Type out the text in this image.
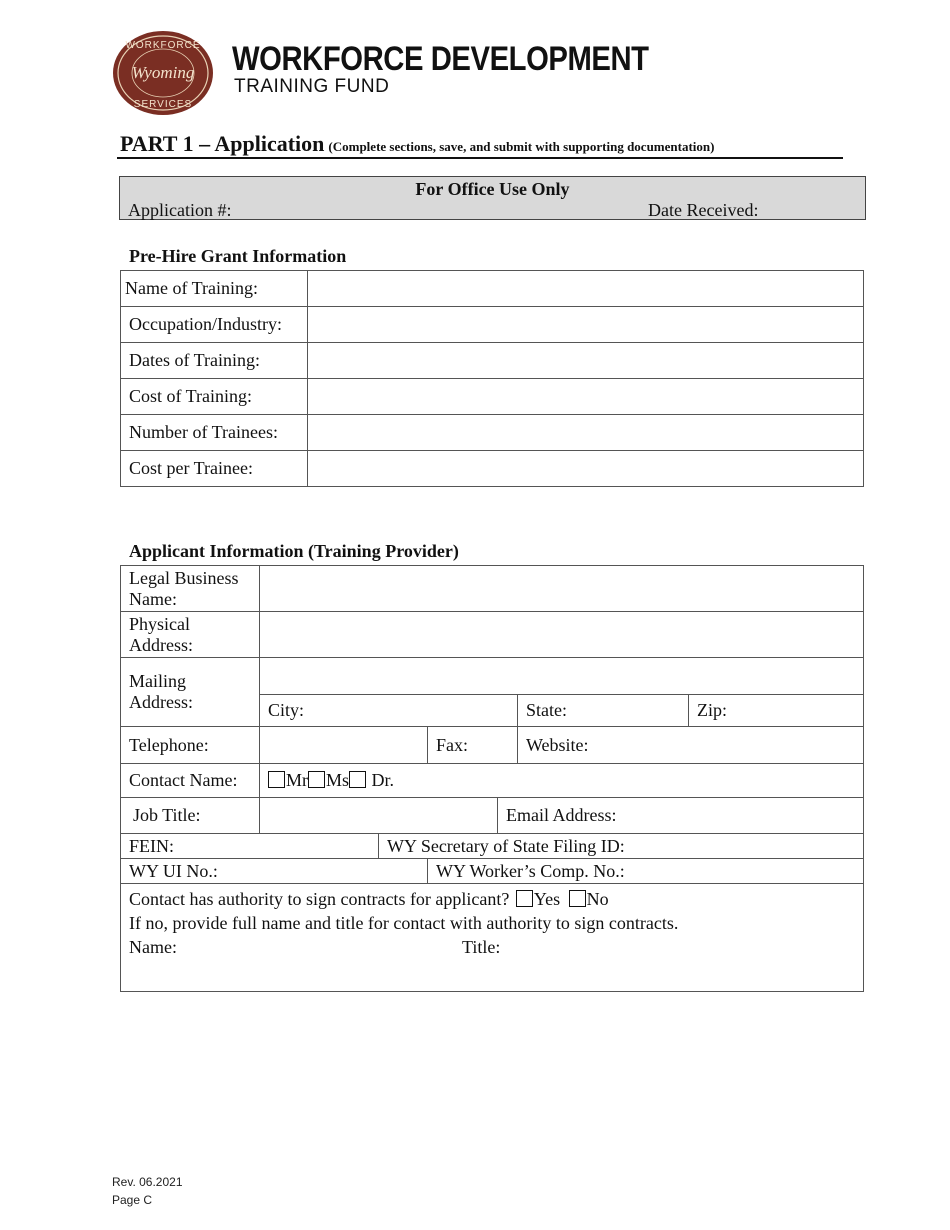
WORKFORCE
Wyoming
SERVICES
WORKFORCE DEVELOPMENT
TRAINING FUND
PART 1 – Application (Complete sections, save, and submit with supporting documentation)
For Office Use Only
Application #:	Date Received:
Pre-Hire Grant Information
Name of Training:	
Occupation/Industry:	
Dates of Training:	
Cost of Training:	
Number of Trainees:	
Cost per Trainee:	
Applicant Information (Training Provider)
Legal Business Name:						
Physical Address:						
Mailing Address:						
	City:				State:	Zip:
Telephone:			Fax:		Website:	
Contact Name:	Mr Ms Dr.					
Job Title:				Email Address:		
FEIN:		WY Secretary of State Filing ID:				
WY UI No.:			WY Worker’s Comp. No.:			

Contact has authority to sign contracts for applicant? Yes No
If no, provide full name and title for contact with authority to sign contracts.
Name: Title:						
Rev. 06.2021
Page C
